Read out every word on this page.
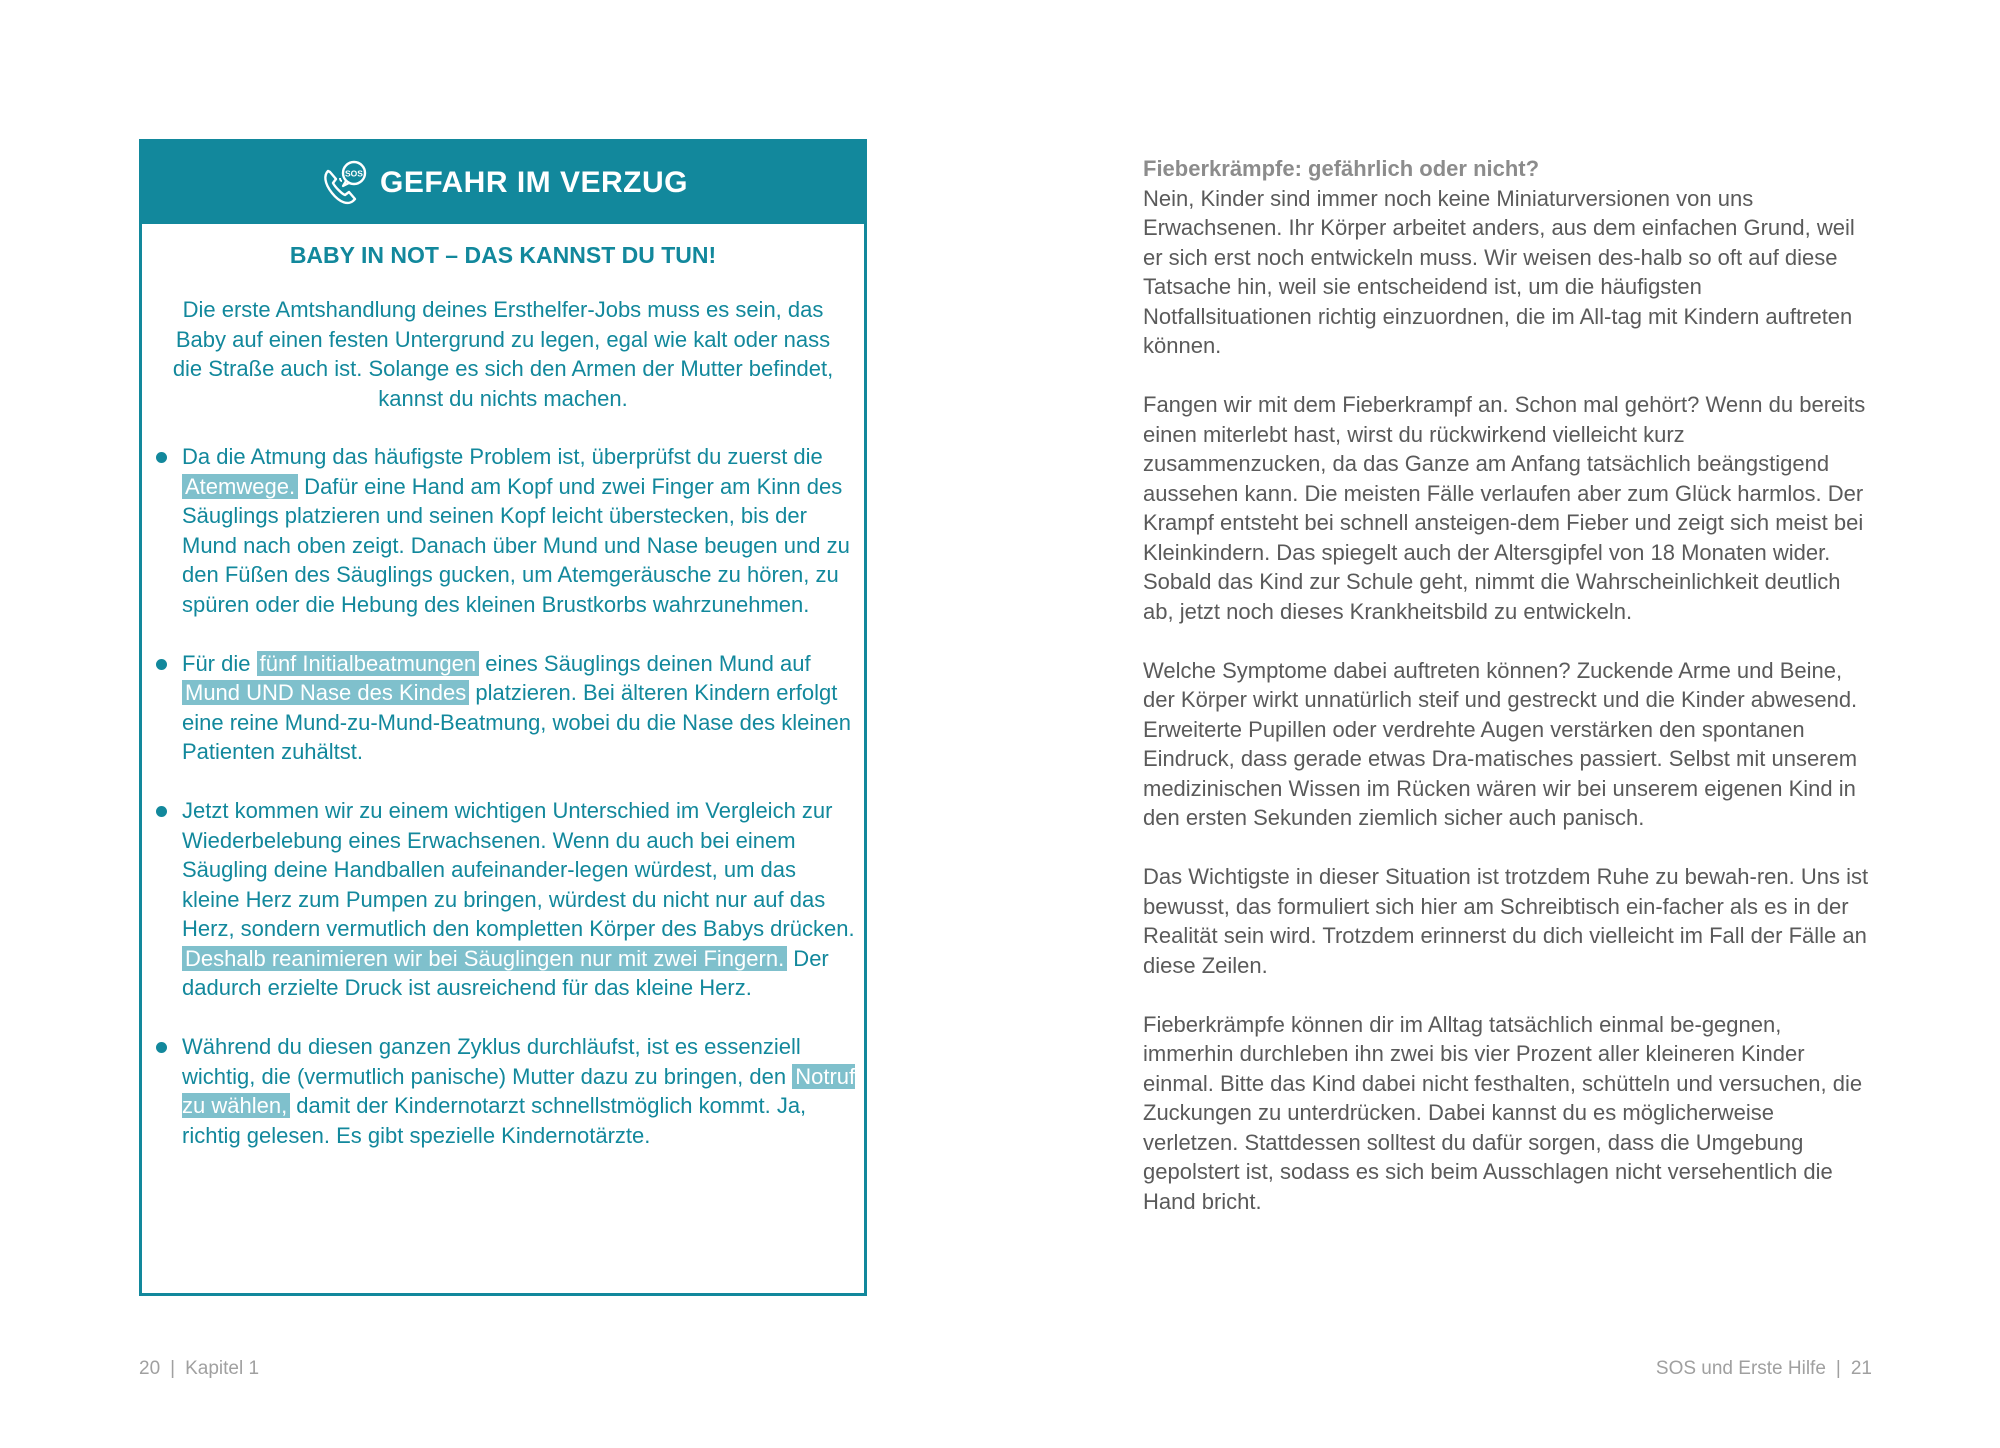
SOS GEFAHR IM VERZUG
BABY IN NOT – DAS KANNST DU TUN!

Die erste Amtshandlung deines Ersthelfer-Jobs muss es sein, das Baby auf einen festen Untergrund zu legen, egal wie kalt oder nass die Straße auch ist. Solange es sich den Armen der Mutter befindet, kannst du nichts machen.

Da die Atmung das häufigste Problem ist, überprüfst du zuerst die Atemwege. Dafür eine Hand am Kopf und zwei Finger am Kinn des Säuglings platzieren und seinen Kopf leicht überstecken, bis der Mund nach oben zeigt. Danach über Mund und Nase beugen und zu den Füßen des Säuglings gucken, um Atemgeräusche zu hören, zu spüren oder die Hebung des kleinen Brustkorbs wahrzunehmen.
Für die fünf Initialbeatmungen eines Säuglings deinen Mund auf Mund UND Nase des Kindes platzieren. Bei älteren Kindern erfolgt eine reine Mund-zu-Mund-Beatmung, wobei du die Nase des kleinen Patienten zuhältst.
Jetzt kommen wir zu einem wichtigen Unterschied im Vergleich zur Wiederbelebung eines Erwachsenen. Wenn du auch bei einem Säugling deine Handballen aufeinander-legen würdest, um das kleine Herz zum Pumpen zu bringen, würdest du nicht nur auf das Herz, sondern vermutlich den kompletten Körper des Babys drücken. Deshalb reanimieren wir bei Säuglingen nur mit zwei Fingern. Der dadurch erzielte Druck ist ausreichend für das kleine Herz.
Während du diesen ganzen Zyklus durchläufst, ist es essenziell wichtig, die (vermutlich panische) Mutter dazu zu bringen, den Notruf zu wählen, damit der Kindernotarzt schnellstmöglich kommt. Ja, richtig gelesen. Es gibt spezielle Kindernotärzte.
20 | Kapitel 1
Fieberkrämpfe: gefährlich oder nicht?

Nein, Kinder sind immer noch keine Miniaturversionen von uns Erwachsenen. Ihr Körper arbeitet anders, aus dem einfachen Grund, weil er sich erst noch entwickeln muss. Wir weisen des-halb so oft auf diese Tatsache hin, weil sie entscheidend ist, um die häufigsten Notfallsituationen richtig einzuordnen, die im All-tag mit Kindern auftreten können.

Fangen wir mit dem Fieberkrampf an. Schon mal gehört? Wenn du bereits einen miterlebt hast, wirst du rückwirkend vielleicht kurz zusammenzucken, da das Ganze am Anfang tatsächlich beängstigend aussehen kann. Die meisten Fälle verlaufen aber zum Glück harmlos. Der Krampf entsteht bei schnell ansteigen-dem Fieber und zeigt sich meist bei Kleinkindern. Das spiegelt auch der Altersgipfel von 18 Monaten wider. Sobald das Kind zur Schule geht, nimmt die Wahrscheinlichkeit deutlich ab, jetzt noch dieses Krankheitsbild zu entwickeln.

Welche Symptome dabei auftreten können? Zuckende Arme und Beine, der Körper wirkt unnatürlich steif und gestreckt und die Kinder abwesend. Erweiterte Pupillen oder verdrehte Augen verstärken den spontanen Eindruck, dass gerade etwas Dra-matisches passiert. Selbst mit unserem medizinischen Wissen im Rücken wären wir bei unserem eigenen Kind in den ersten Sekunden ziemlich sicher auch panisch.

Das Wichtigste in dieser Situation ist trotzdem Ruhe zu bewah-ren. Uns ist bewusst, das formuliert sich hier am Schreibtisch ein-facher als es in der Realität sein wird. Trotzdem erinnerst du dich vielleicht im Fall der Fälle an diese Zeilen.

Fieberkrämpfe können dir im Alltag tatsächlich einmal be-gegnen, immerhin durchleben ihn zwei bis vier Prozent aller kleineren Kinder einmal. Bitte das Kind dabei nicht festhalten, schütteln und versuchen, die Zuckungen zu unterdrücken. Dabei kannst du es möglicherweise verletzen. Stattdessen solltest du dafür sorgen, dass die Umgebung gepolstert ist, sodass es sich beim Ausschlagen nicht versehentlich die Hand bricht.

SOS und Erste Hilfe | 21
